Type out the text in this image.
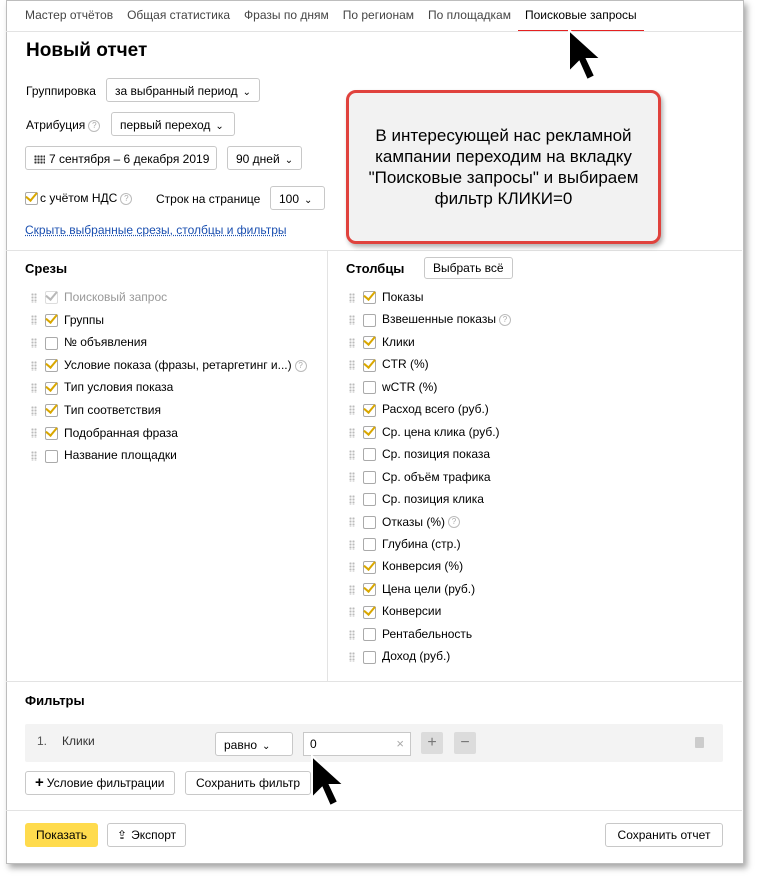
Мастер отчётов	Общая статистика	Фразы по дням	По регионам	По площадкам	Поисковые запросы
Новый отчет
Группировка	за выбранный период ⌄
Атрибуция ?	первый переход ⌄
7 сентября – 6 декабря 2019	90 дней ⌄
с учётом НДС ?	Строк на странице	100 ⌄
Скрыть выбранные срезы, столбцы и фильтры
Срезы
Поисковый запрос
Группы
№ объявления
Условие показа (фразы, ретаргетинг и...) ?
Тип условия показа
Тип соответствия
Подобранная фраза
Название площадки
Столбцы	Выбрать всё
Показы
Взвешенные показы ?
Клики
CTR (%)
wCTR (%)
Расход всего (руб.)
Ср. цена клика (руб.)
Ср. позиция показа
Ср. объём трафика
Ср. позиция клика
Отказы (%) ?
Глубина (стр.)
Конверсия (%)
Цена цели (руб.)
Конверсии
Рентабельность
Доход (руб.)
Фильтры
1. Клики	равно ⌄	0	×	+	−
+ Условие фильтрации	Сохранить фильтр
Показать	⇪ Экспорт	Сохранить отчет
В интересующей нас рекламной кампании переходим на вкладку "Поисковые запросы" и выбираем фильтр КЛИКИ=0
